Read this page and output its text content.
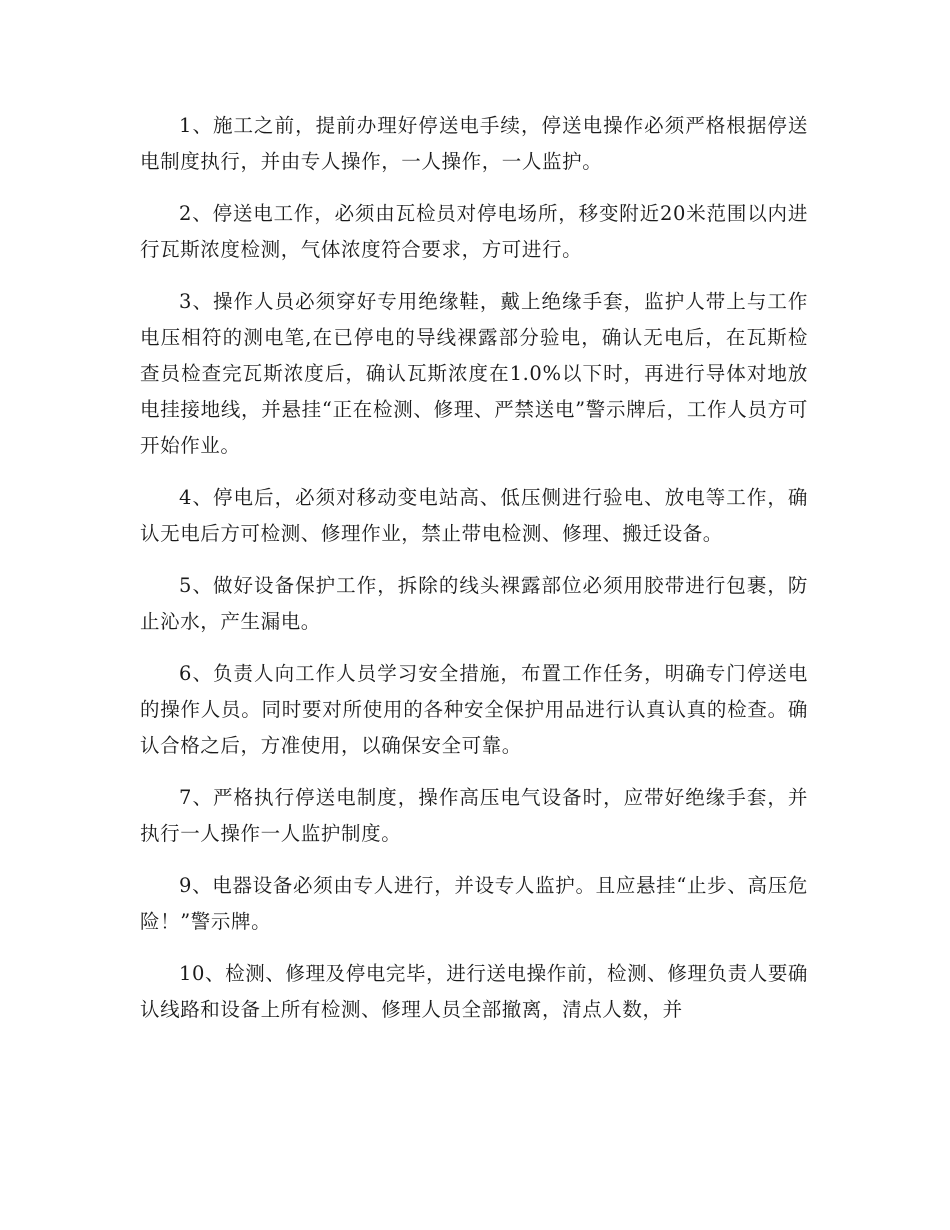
1、施工之前，提前办理好停送电手续，停送电操作必须严格根据停送电制度执行，并由专人操作，一人操作，一人监护。

2、停送电工作，必须由瓦检员对停电场所，移变附近20米范围以内进行瓦斯浓度检测，气体浓度符合要求，方可进行。

3、操作人员必须穿好专用绝缘鞋，戴上绝缘手套，监护人带上与工作电压相符的测电笔,在已停电的导线裸露部分验电，确认无电后，在瓦斯检查员检查完瓦斯浓度后，确认瓦斯浓度在1.0%以下时，再进行导体对地放电挂接地线，并悬挂“正在检测、修理、严禁送电”警示牌后，工作人员方可开始作业。

4、停电后，必须对移动变电站高、低压侧进行验电、放电等工作，确认无电后方可检测、修理作业，禁止带电检测、修理、搬迁设备。

5、做好设备保护工作，拆除的线头裸露部位必须用胶带进行包裹，防止沁水，产生漏电。

6、负责人向工作人员学习安全措施，布置工作任务，明确专门停送电的操作人员。同时要对所使用的各种安全保护用品进行认真认真的检查。确认合格之后，方准使用，以确保安全可靠。

7、严格执行停送电制度，操作高压电气设备时，应带好绝缘手套，并执行一人操作一人监护制度。

9、电器设备必须由专人进行，并设专人监护。且应悬挂“止步、高压危险！”警示牌。

10、检测、修理及停电完毕，进行送电操作前，检测、修理负责人要确认线路和设备上所有检测、修理人员全部撤离，清点人数，并
